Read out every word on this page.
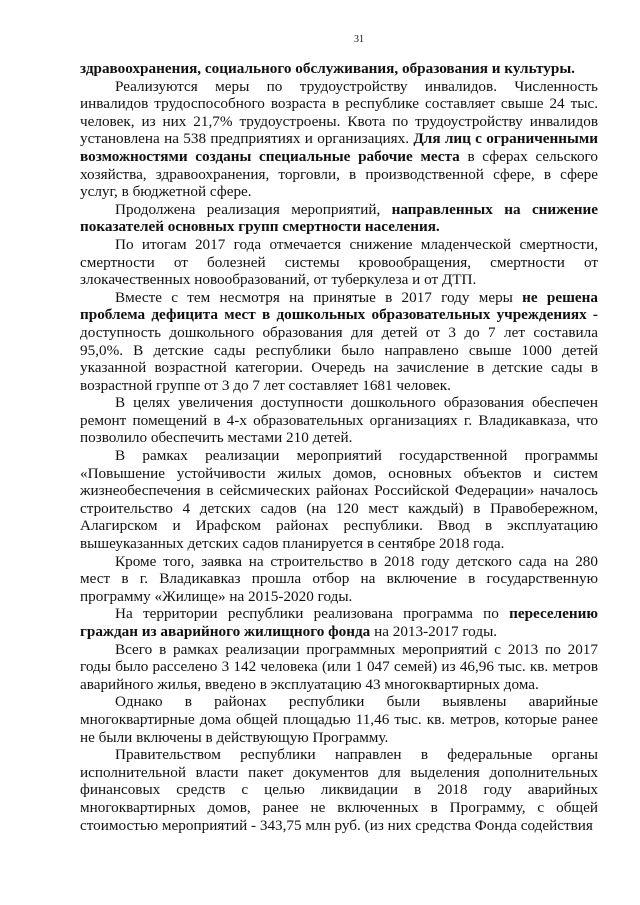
31

здравоохранения, социального обслуживания, образования и культуры.

Реализуются меры по трудоустройству инвалидов. Численность инвалидов трудоспособного возраста в республике составляет свыше 24 тыс. человек, из них 21,7% трудоустроены. Квота по трудоустройству инвалидов установлена на 538 предприятиях и организациях. Для лиц с ограниченными возможностями созданы специальные рабочие места в сферах сельского хозяйства, здравоохранения, торговли, в производственной сфере, в сфере услуг, в бюджетной сфере.

Продолжена реализация мероприятий, направленных на снижение показателей основных групп смертности населения.

По итогам 2017 года отмечается снижение младенческой смертности, смертности от болезней системы кровообращения, смертности от злокачественных новообразований, от туберкулеза и от ДТП.

Вместе с тем несмотря на принятые в 2017 году меры не решена проблема дефицита мест в дошкольных образовательных учреждениях - доступность дошкольного образования для детей от 3 до 7 лет составила 95,0%. В детские сады республики было направлено свыше 1000 детей указанной возрастной категории. Очередь на зачисление в детские сады в возрастной группе от 3 до 7 лет составляет 1681 человек.

В целях увеличения доступности дошкольного образования обеспечен ремонт помещений в 4-х образовательных организациях г. Владикавказа, что позволило обеспечить местами 210 детей.

В рамках реализации мероприятий государственной программы «Повышение устойчивости жилых домов, основных объектов и систем жизнеобеспечения в сейсмических районах Российской Федерации» началось строительство 4 детских садов (на 120 мест каждый) в Правобережном, Алагирском и Ирафском районах республики. Ввод в эксплуатацию вышеуказанных детских садов планируется в сентябре 2018 года.

Кроме того, заявка на строительство в 2018 году детского сада на 280 мест в г. Владикавказ прошла отбор на включение в государственную программу «Жилище» на 2015-2020 годы.

На территории республики реализована программа по переселению граждан из аварийного жилищного фонда на 2013-2017 годы.

Всего в рамках реализации программных мероприятий с 2013 по 2017 годы было расселено 3 142 человека (или 1 047 семей) из 46,96 тыс. кв. метров аварийного жилья, введено в эксплуатацию 43 многоквартирных дома.

Однако в районах республики были выявлены аварийные многоквартирные дома общей площадью 11,46 тыс. кв. метров, которые ранее не были включены в действующую Программу.

Правительством республики направлен в федеральные органы исполнительной власти пакет документов для выделения дополнительных финансовых средств с целью ликвидации в 2018 году аварийных многоквартирных домов, ранее не включенных в Программу, с общей стоимостью мероприятий - 343,75 млн руб. (из них средства Фонда содействия
